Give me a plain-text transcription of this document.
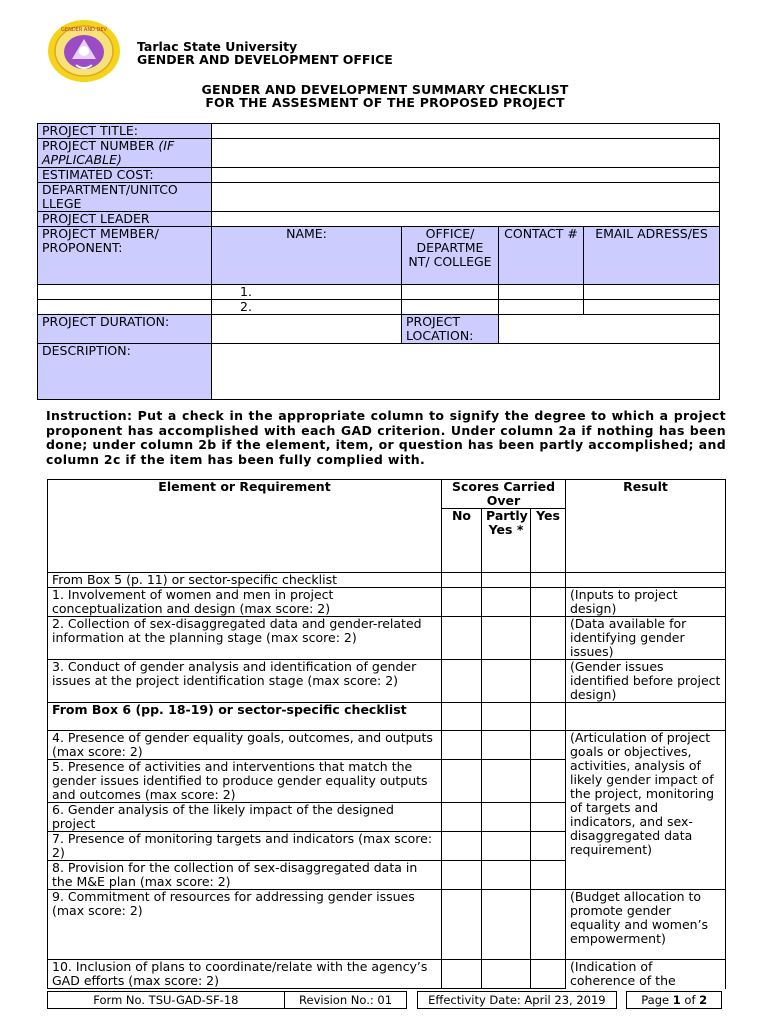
GENDER AND DEV
Tarlac State University
GENDER AND DEVELOPMENT OFFICE
GENDER AND DEVELOPMENT SUMMARY CHECKLIST
FOR THE ASSESMENT OF THE PROPOSED PROJECT
PROJECT TITLE:				
PROJECT NUMBER (IF APPLICABLE)				
ESTIMATED COST:				
DEPARTMENT/UNITCO LLEGE				
PROJECT LEADER				
PROJECT MEMBER/ PROPONENT:	NAME:	OFFICE/ DEPARTME NT/ COLLEGE	CONTACT #	EMAIL ADRESS/ES
	1.			
	2.			
PROJECT DURATION:		PROJECT LOCATION:		
DESCRIPTION:				
Instruction: Put a check in the appropriate column to signify the degree to which a project proponent has accomplished with each GAD criterion. Under column 2a if nothing has been done; under column 2b if the element, item, or question has been partly accomplished; and column 2c if the item has been fully complied with.
Element or Requirement	Scores Carried Over			Result
	No	Partly Yes *	Yes	
From Box 5 (p. 11) or sector-specific checklist				
1. Involvement of women and men in project conceptualization and design (max score: 2)				(Inputs to project design)
2. Collection of sex-disaggregated data and gender-related information at the planning stage (max score: 2)				(Data available for identifying gender issues)
3. Conduct of gender analysis and identification of gender issues at the project identification stage (max score: 2)				(Gender issues identified before project design)
From Box 6 (pp. 18-19) or sector-specific checklist				
4. Presence of gender equality goals, outcomes, and outputs (max score: 2)				(Articulation of project goals or objectives, activities, analysis of likely gender impact of the project, monitoring of targets and indicators, and sex-disaggregated data requirement)
5. Presence of activities and interventions that match the gender issues identified to produce gender equality outputs and outcomes (max score: 2)				
6. Gender analysis of the likely impact of the designed project				
7. Presence of monitoring targets and indicators (max score: 2)				
8. Provision for the collection of sex-disaggregated data in the M&E plan (max score: 2)				
9. Commitment of resources for addressing gender issues (max score: 2)				(Budget allocation to promote gender equality and women’s empowerment)
10. Inclusion of plans to coordinate/relate with the agency’s GAD efforts (max score: 2)				(Indication of coherence of the
Form No. TSU-GAD-SF-18	Revision No.: 01		Effectivity Date: April 23, 2019		Page 1 of 2
